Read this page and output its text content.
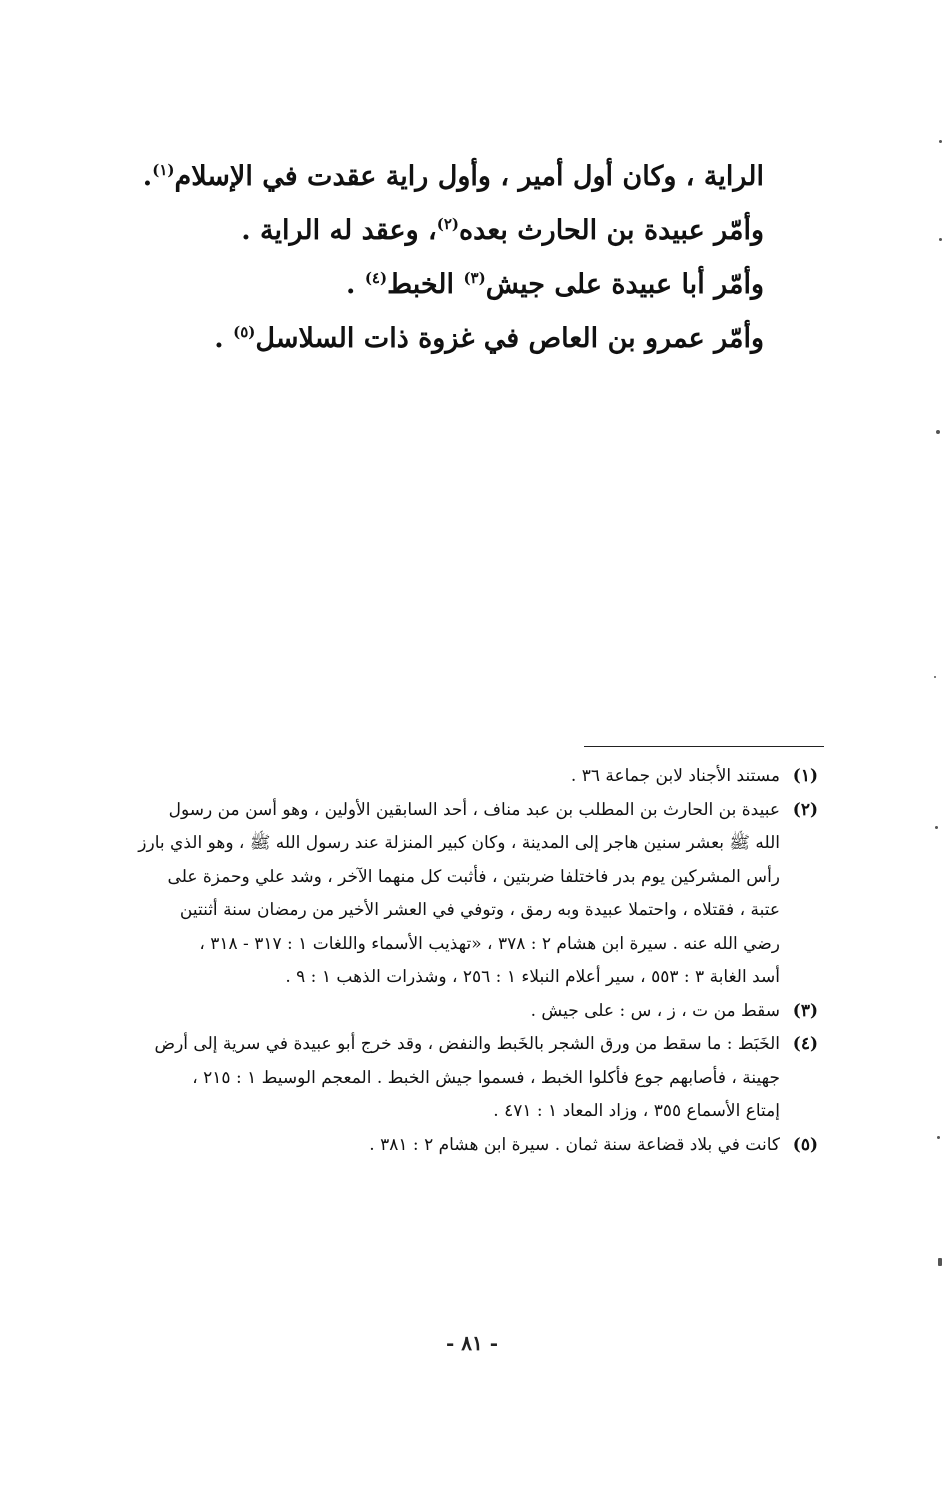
الراية ، وكان أول أمير ، وأول راية عقدت في الإسلام$^{(١)}$.
وأمّر عبيدة بن الحارث بعده$^{(٢)}$، وعقد له الراية .
وأمّر أبا عبيدة على جيش$^{(٣)}$ الخبط$^{(٤)}$ .
وأمّر عمرو بن العاص في غزوة ذات السلاسل$^{(٥)}$ .
(١)
مستند الأجناد لابن جماعة ٣٦ .
(٢)
عبيدة بن الحارث بن المطلب بن عبد مناف ، أحد السابقين الأولين ، وهو أسن من رسول
الله ﷺ بعشر سنين هاجر إلى المدينة ، وكان كبير المنزلة عند رسول الله ﷺ ، وهو الذي بارز
رأس المشركين يوم بدر فاختلفا ضربتين ، فأثبت كل منهما الآخر ، وشد علي وحمزة على
عتبة ، فقتلاه ، واحتملا عبيدة وبه رمق ، وتوفي في العشر الأخير من رمضان سنة أثنتين
رضي الله عنه . سيرة ابن هشام ٢ : ٣٧٨ ، «تهذيب الأسماء واللغات ١ : ٣١٧ - ٣١٨ ،
أسد الغابة ٣ : ٥٥٣ ، سير أعلام النبلاء ١ : ٢٥٦ ، وشذرات الذهب ١ : ٩ .
(٣)
سقط من ت ، ز ، س : على جيش .
(٤)
الخَبَط : ما سقط من ورق الشجر بالخَبط والنفض ، وقد خرج أبو عبيدة في سرية إلى أرض
جهينة ، فأصابهم جوع فأكلوا الخبط ، فسموا جيش الخبط . المعجم الوسيط ١ : ٢١٥ ،
إمتاع الأسماع ٣٥٥ ، وزاد المعاد ١ : ٤٧١ .
(٥)
كانت في بلاد قضاعة سنة ثمان . سيرة ابن هشام ٢ : ٣٨١ .
- ٨١ -
